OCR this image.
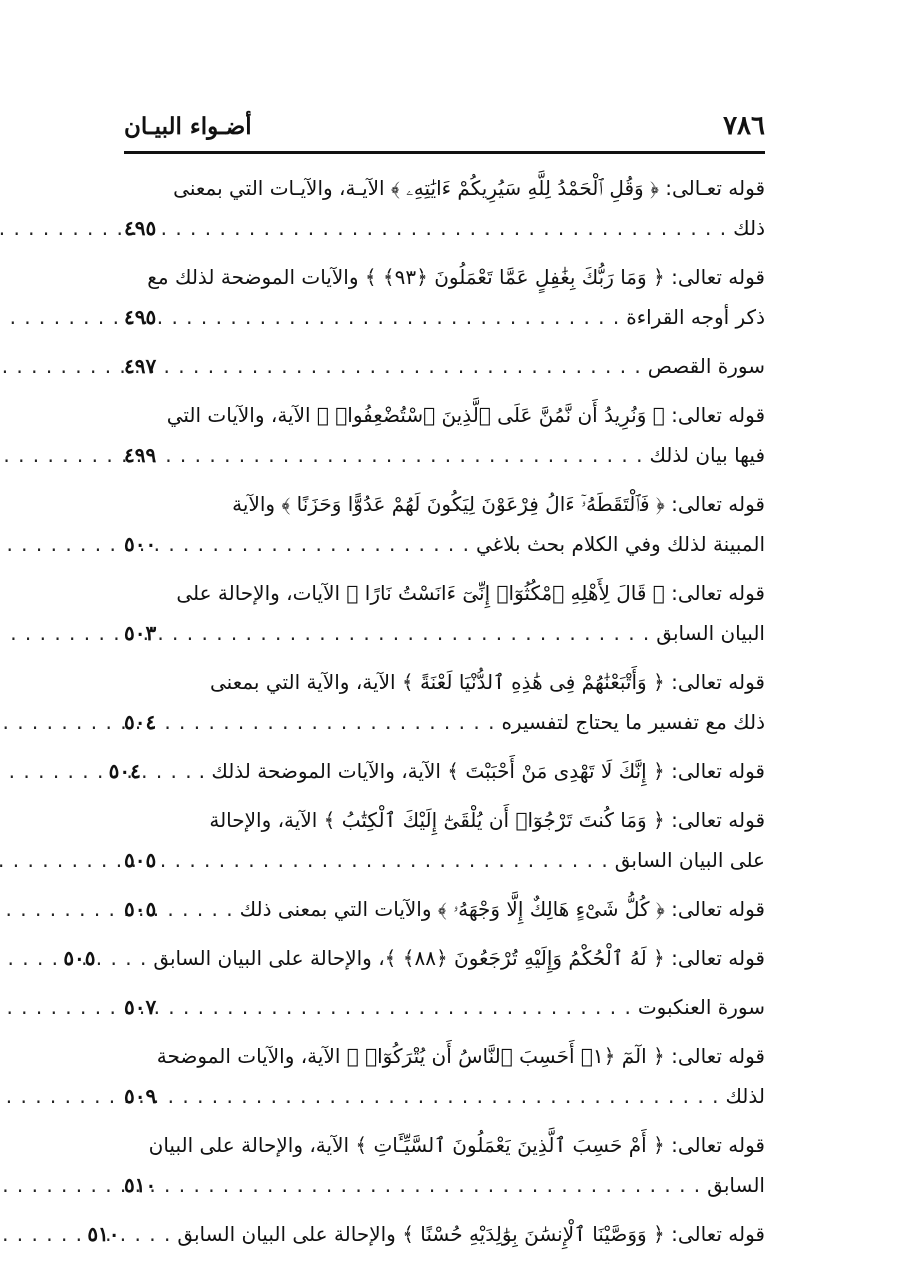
٧٨٦
أضـواء البيـان
قوله تعـالى: ﴿ وَقُلِ ٱلْحَمْدُ لِلَّهِ سَيُرِيكُمْ ءَايَٰتِهِۦ ﴾ الآيـة، والآيـات التي بمعنى
ذلك
. . .
٤٩٥
قوله تعالى: ﴿ وَمَا رَبُّكَ بِغَٰفِلٍ عَمَّا تَعْمَلُونَ ﴿٩٣﴾ ﴾ والآيات الموضحة لذلك مع
ذكر أوجه القراءة
. . .
٤٩٥
سورة القصص
. . .
٤٩٧
قوله تعالى: ﴿ وَنُرِيدُ أَن نَّمُنَّ عَلَى ٱلَّذِينَ ٱسْتُضْعِفُوا۟ ﴾ الآية، والآيات التي
فيها بيان لذلك
. . .
٤٩٩
قوله تعالى: ﴿ فَٱلْتَقَطَهُۥٓ ءَالُ فِرْعَوْنَ لِيَكُونَ لَهُمْ عَدُوًّا وَحَزَنًا ﴾ والآية
المبينة لذلك وفي الكلام بحث بلاغي
. . .
٥٠٠
قوله تعالى: ﴿ قَالَ لِأَهْلِهِ ٱمْكُثُوٓا۟ إِنِّىٓ ءَانَسْتُ نَارًا ﴾ الآيات، والإحالة على
البيان السابق
. . .
٥٠٣
قوله تعالى: ﴿ وَأَتْبَعْنَٰهُمْ فِى هَٰذِهِ ٱلدُّنْيَا لَعْنَةً ﴾ الآية، والآية التي بمعنى
ذلك مع تفسير ما يحتاج لتفسيره
. . .
٥٠٤
قوله تعالى: ﴿ إِنَّكَ لَا تَهْدِى مَنْ أَحْبَبْتَ ﴾ الآية، والآيات الموضحة لذلك .
. . .
٥٠٤
قوله تعالى: ﴿ وَمَا كُنتَ تَرْجُوٓا۟ أَن يُلْقَىٰٓ إِلَيْكَ ٱلْكِتَٰبُ ﴾ الآية، والإحالة
على البيان السابق
. . .
٥٠٥
قوله تعالى: ﴿ كُلُّ شَىْءٍ هَالِكٌ إِلَّا وَجْهَهُۥ ﴾ والآيات التي بمعنى ذلك
. . .
٥٠٥
قوله تعالى: ﴿ لَهُ ٱلْحُكْمُ وَإِلَيْهِ تُرْجَعُونَ ﴿٨٨﴾ ﴾، والإحالة على البيان السابق
. . .
٥٠٥
سورة العنكبوت
. . .
٥٠٧
قوله تعالى: ﴿ الٓمٓ ﴿١﴾ أَحَسِبَ ٱلنَّاسُ أَن يُتْرَكُوٓا۟ ﴾ الآية، والآيات الموضحة
لذلك
. . .
٥٠٩
قوله تعالى: ﴿ أَمْ حَسِبَ ٱلَّذِينَ يَعْمَلُونَ ٱلسَّيِّـَٔاتِ ﴾ الآية، والإحالة على البيان
السابق
. . .
٥١٠
قوله تعالى: ﴿ وَوَصَّيْنَا ٱلْإِنسَٰنَ بِوَٰلِدَيْهِ حُسْنًا ﴾ والإحالة على البيان السابق
. . .
٥١٠
